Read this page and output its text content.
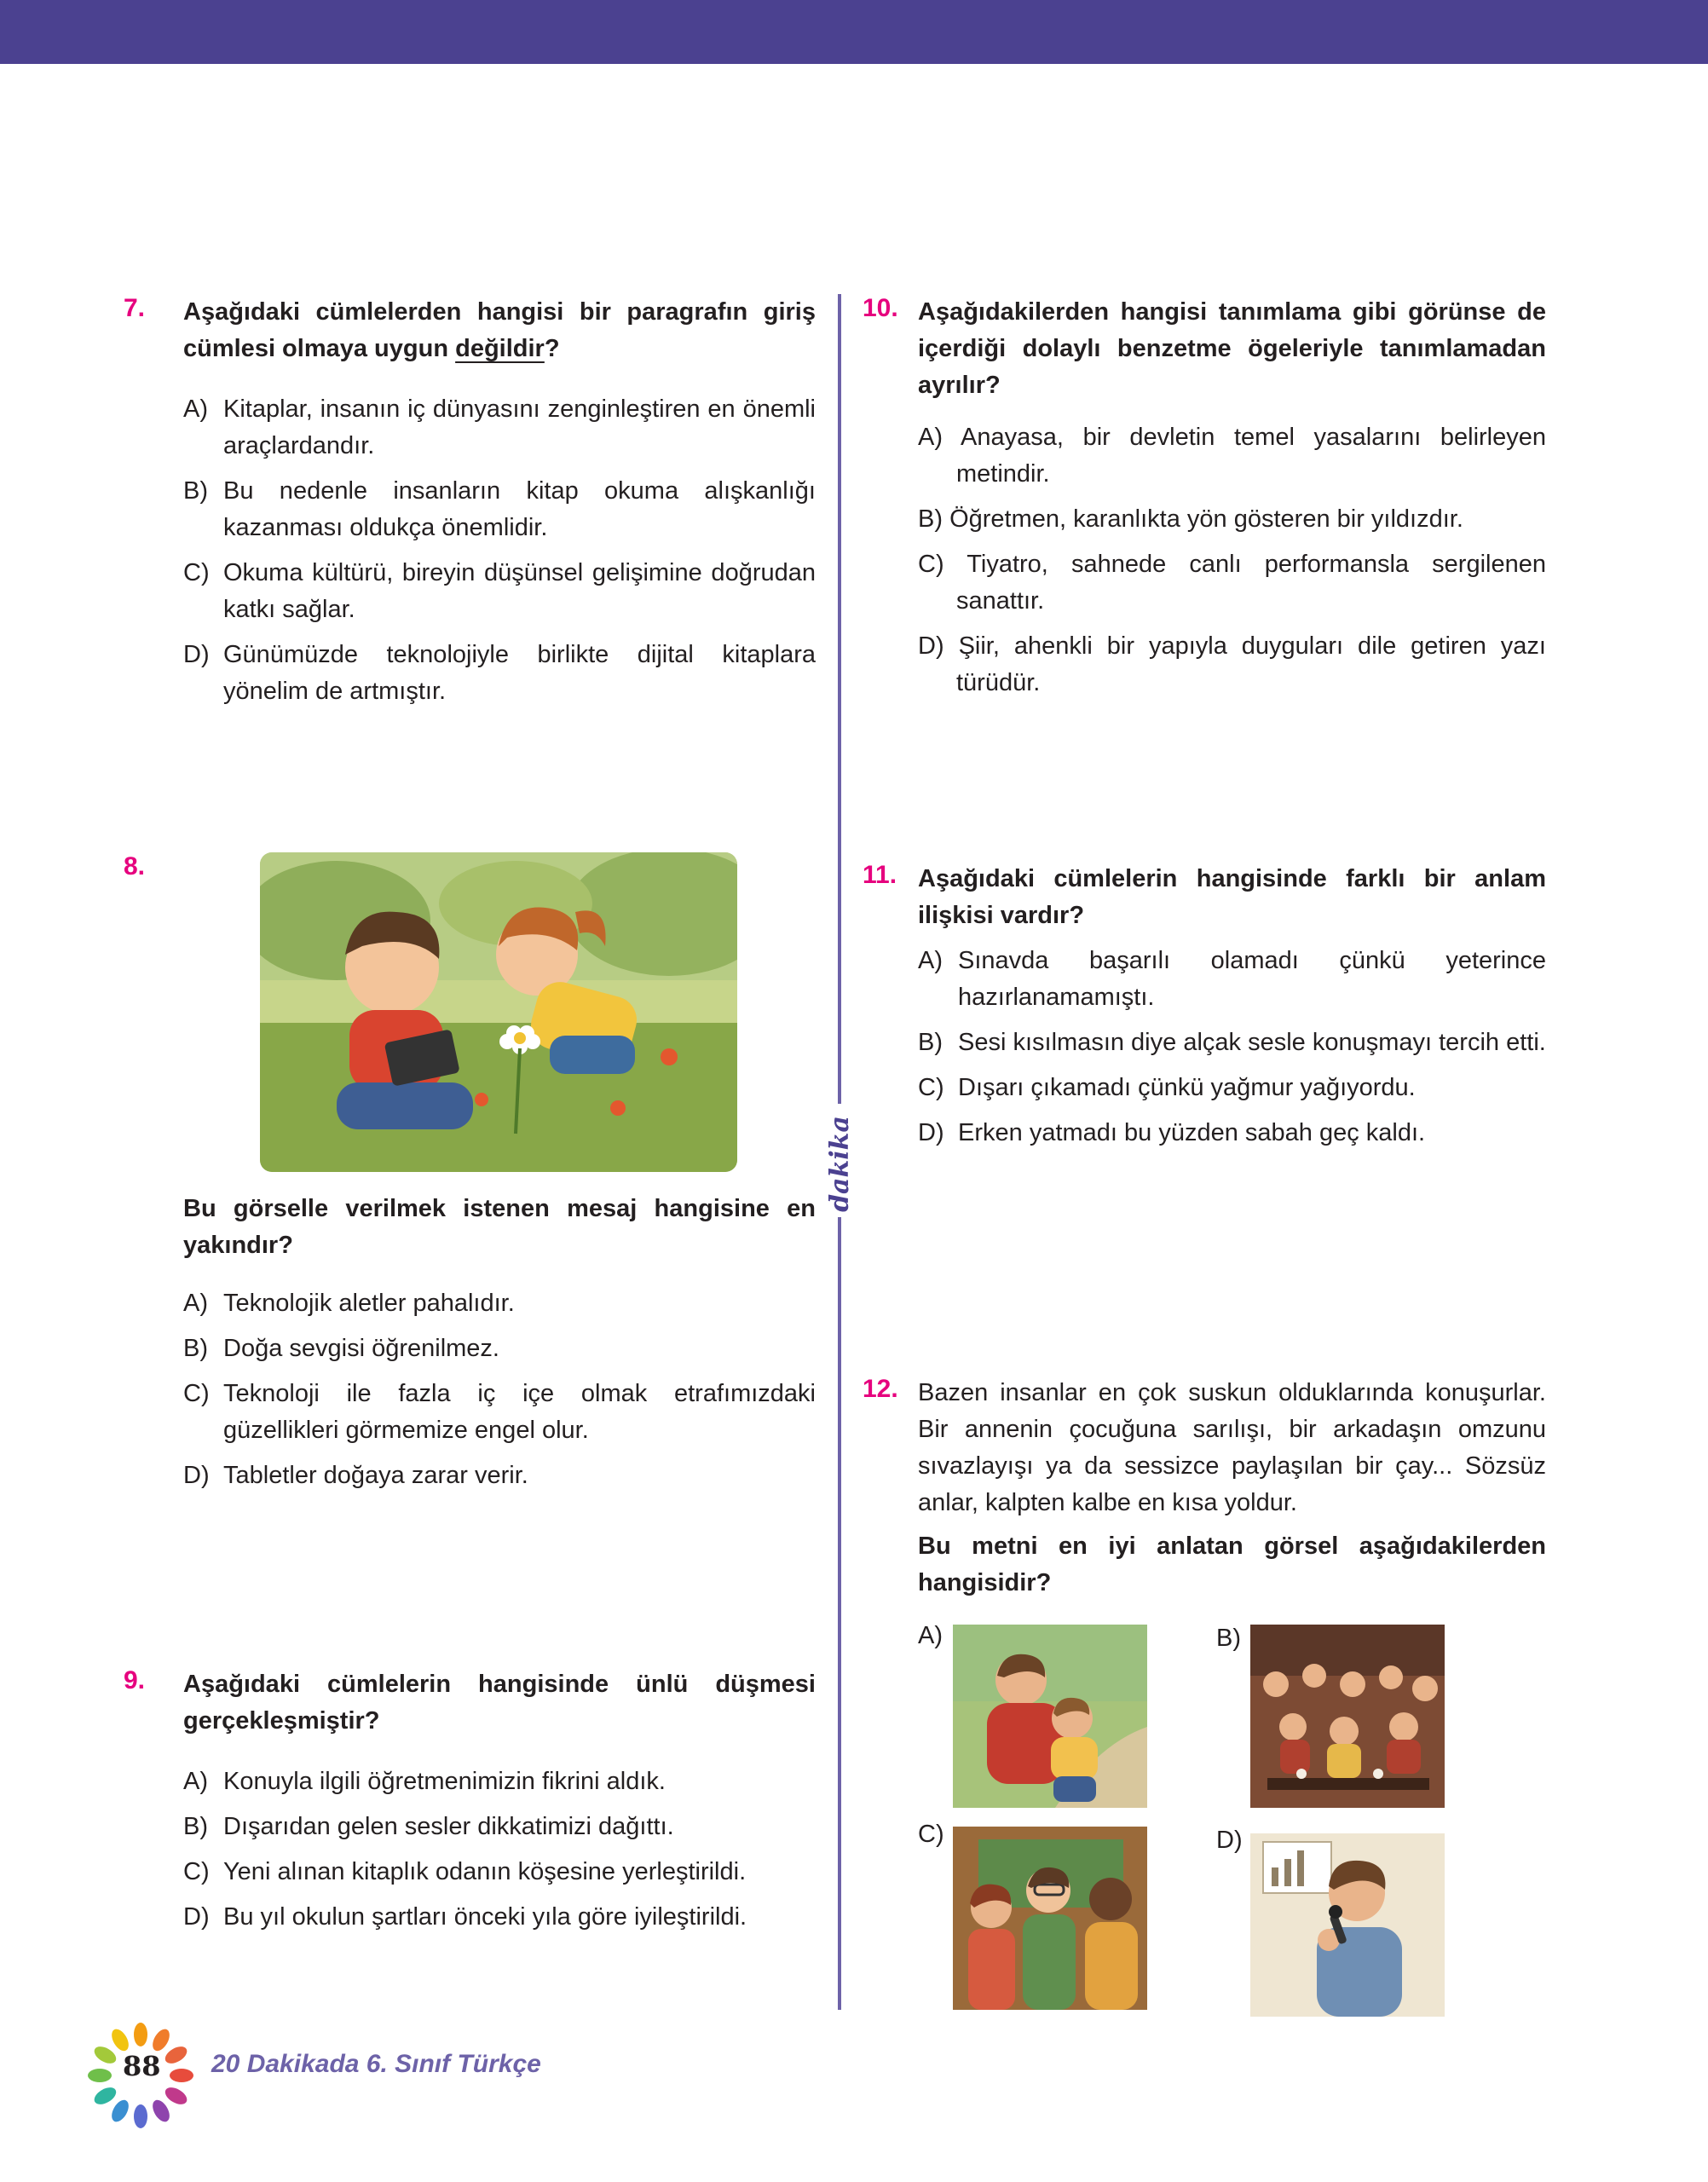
dakika
7. Aşağıdaki cümlelerden hangisi bir paragrafın giriş cümlesi olmaya uygun değildir?

A) Kitaplar, insanın iç dünyasını zenginleştiren en önemli araçlardandır.
B) Bu nedenle insanların kitap okuma alışkanlığı kazanması oldukça önemlidir.
C) Okuma kültürü, bireyin düşünsel gelişimine doğrudan katkı sağlar.
D) Günümüzde teknolojiyle birlikte dijital kitaplara yönelim de artmıştır.
8.

Bu görselle verilmek istenen mesaj hangisine en yakındır?

A) Teknolojik aletler pahalıdır.
B) Doğa sevgisi öğrenilmez.
C) Teknoloji ile fazla iç içe olmak etrafımızdaki güzellikleri görmemize engel olur.
D) Tabletler doğaya zarar verir.
9. Aşağıdaki cümlelerin hangisinde ünlü düşmesi gerçekleşmiştir?

A) Konuyla ilgili öğretmenimizin fikrini aldık.
B) Dışarıdan gelen sesler dikkatimizi dağıttı.
C) Yeni alınan kitaplık odanın köşesine yerleştirildi.
D) Bu yıl okulun şartları önceki yıla göre iyileştirildi.
10. Aşağıdakilerden hangisi tanımlama gibi görünse de içerdiği dolaylı benzetme ögeleriyle tanımlamadan ayrılır?

A) Anayasa, bir devletin temel yasalarını belirleyen metindir.
B) Öğretmen, karanlıkta yön gösteren bir yıldızdır.
C) Tiyatro, sahnede canlı performansla sergilenen sanattır.
D) Şiir, ahenkli bir yapıyla duyguları dile getiren yazı türüdür.
11. Aşağıdaki cümlelerin hangisinde farklı bir anlam ilişkisi vardır?

A) Sınavda başarılı olamadı çünkü yeterince hazırlanamamıştı.
B) Sesi kısılmasın diye alçak sesle konuşmayı tercih etti.
C) Dışarı çıkamadı çünkü yağmur yağıyordu.
D) Erken yatmadı bu yüzden sabah geç kaldı.
12. Bazen insanlar en çok suskun olduklarında konuşurlar. Bir annenin çocuğuna sarılışı, bir arkadaşın omzunu sıvazlayışı ya da sessizce paylaşılan bir çay... Sözsüz anlar, kalpten kalbe en kısa yoldur.

Bu metni en iyi anlatan görsel aşağıdakilerden hangisidir?

A)	B)
C)	D)
88 20 Dakikada 6. Sınıf Türkçe
